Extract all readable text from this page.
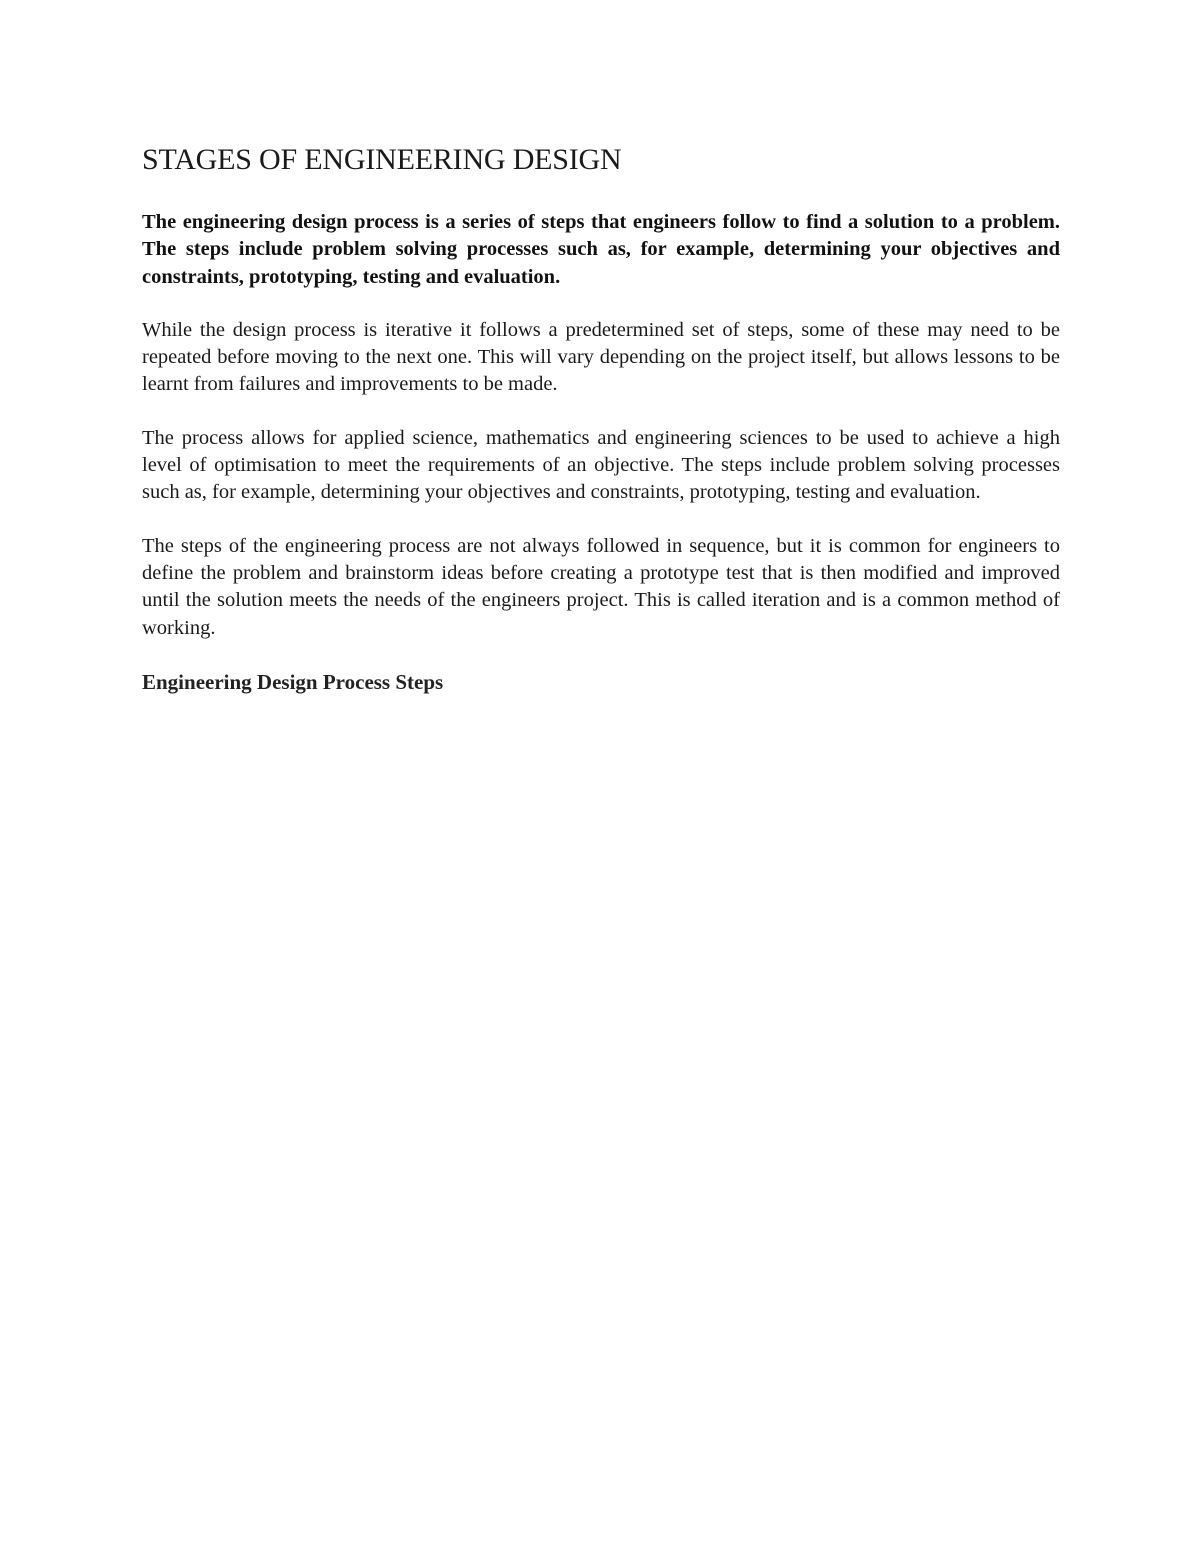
STAGES OF ENGINEERING DESIGN

The engineering design process is a series of steps that engineers follow to find a solution to a problem. The steps include problem solving processes such as, for example, determining your objectives and constraints, prototyping, testing and evaluation.

While the design process is iterative it follows a predetermined set of steps, some of these may need to be repeated before moving to the next one. This will vary depending on the project itself, but allows lessons to be learnt from failures and improvements to be made.

The process allows for applied science, mathematics and engineering sciences to be used to achieve a high level of optimisation to meet the requirements of an objective. The steps include problem solving processes such as, for example, determining your objectives and constraints, prototyping, testing and evaluation.

The steps of the engineering process are not always followed in sequence, but it is common for engineers to define the problem and brainstorm ideas before creating a prototype test that is then modified and improved until the solution meets the needs of the engineers project. This is called iteration and is a common method of working.

Engineering Design Process Steps
